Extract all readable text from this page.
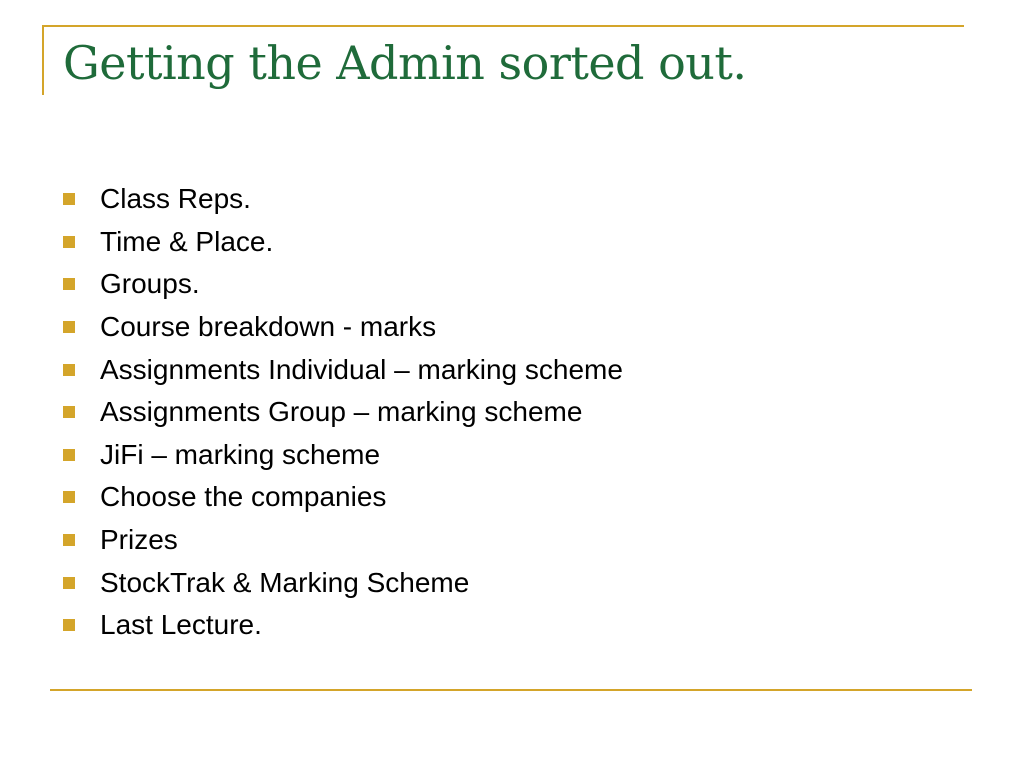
Getting the Admin sorted out.
Class Reps.
Time & Place.
Groups.
Course breakdown - marks
Assignments Individual – marking scheme
Assignments Group – marking scheme
JiFi – marking scheme
Choose the companies
Prizes
StockTrak & Marking Scheme
Last Lecture.
